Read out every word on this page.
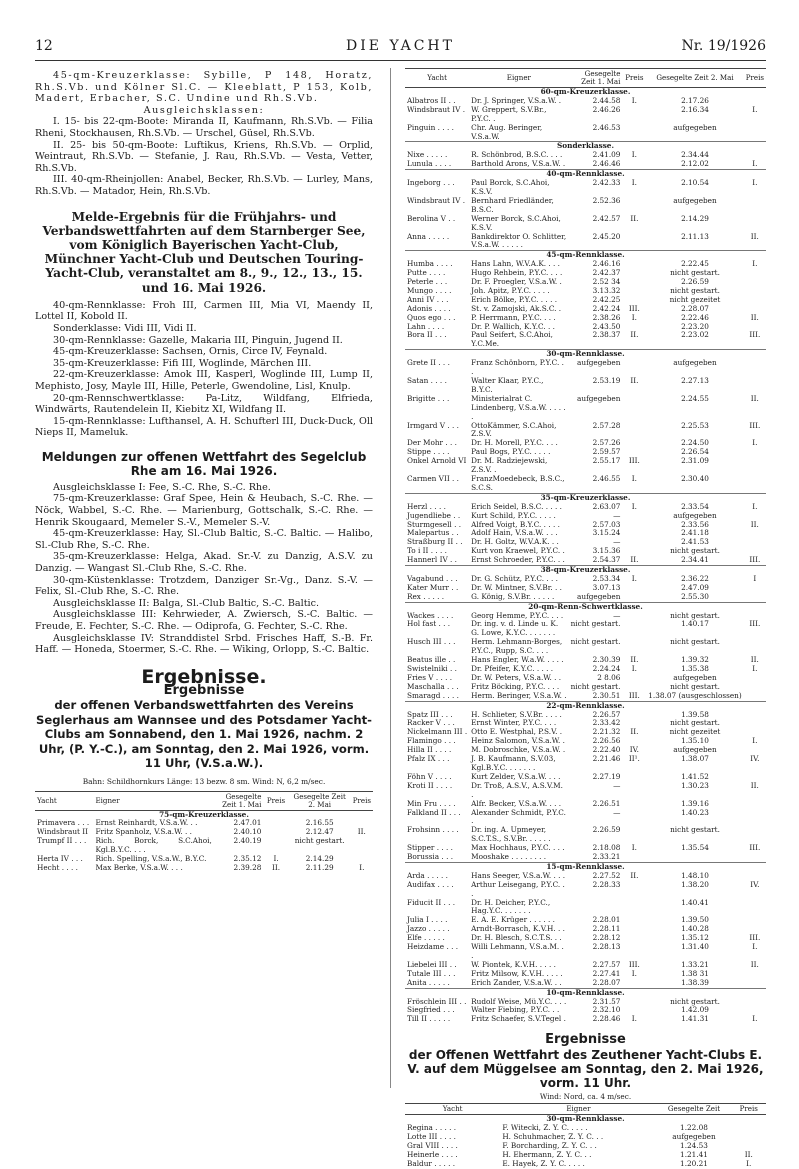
12	DIE YACHT	Nr. 19/1926

45-qm-Kreuzerklasse: Sybille, P 148, Horatz, Rh.S.Vb. und Kölner Sl.C. — Kleeblatt, P 153, Kolb, Madert, Erbacher, S.C. Undine und Rh.S.Vb.

Ausgleichsklassen:

I. 15- bis 22-qm-Boote: Miranda II, Kaufmann, Rh.S.Vb. — Filia Rheni, Stockhausen, Rh.S.Vb. — Urschel, Güsel, Rh.S.Vb.

II. 25- bis 50-qm-Boote: Luftikus, Kriens, Rh.S.Vb. — Orplid, Weintraut, Rh.S.Vb. — Stefanie, J. Rau, Rh.S.Vb. — Vesta, Vetter, Rh.S.Vb.

III. 40-qm-Rheinjollen: Anabel, Becker, Rh.S.Vb. — Lurley, Mans, Rh.S.Vb. — Matador, Hein, Rh.S.Vb.

Melde-Ergebnis für die Frühjahrs- und Verbandswettfahrten auf dem Starnberger See, vom Königlich Bayerischen Yacht-Club, Münchner Yacht-Club und Deutschen Touring-Yacht-Club, veranstaltet am 8., 9., 12., 13., 15. und 16. Mai 1926.

40-qm-Rennklasse: Froh III, Carmen III, Mia VI, Maendy II, Lottel II, Kobold II.

Sonderklasse: Vidi III, Vidi II.

30-qm-Rennklasse: Gazelle, Makaria III, Pinguin, Jugend II.

45-qm-Kreuzerklasse: Sachsen, Ornis, Circe IV, Feynald.

35-qm-Kreuzerklasse: Fifi III, Woglinde, Märchen III.

22-qm-Kreuzerklasse: Amok III, Kasperl, Woglinde III, Lump II, Mephisto, Josy, Mayle III, Hille, Peterle, Gwendoline, Lisl, Knulp.

20-qm-Rennschwertklasse: Pa-Litz, Wildfang, Elfrieda, Windwärts, Rautendelein II, Kiebitz XI, Wildfang II.

15-qm-Rennklasse: Lufthansel, A. H. Schufterl III, Duck-Duck, Oll Nieps II, Mameluk.

Meldungen zur offenen Wettfahrt des Segelclub Rhe am 16. Mai 1926.

Ausgleichsklasse I: Fee, S.-C. Rhe, S.-C. Rhe.

75-qm-Kreuzerklasse: Graf Spee, Hein & Heubach, S.-C. Rhe. — Nöck, Wabbel, S.-C. Rhe. — Marienburg, Gottschalk, S.-C. Rhe. — Henrik Skougaard, Memeler S.-V., Memeler S.-V.

45-qm-Kreuzerklasse: Hay, Sl.-Club Baltic, S.-C. Baltic. — Halibo, Sl.-Club Rhe, S.-C. Rhe.

35-qm-Kreuzerklasse: Helga, Akad. Sr.-V. zu Danzig, A.S.V. zu Danzig. — Wangast Sl.-Club Rhe, S.-C. Rhe.

30-qm-Küstenklasse: Trotzdem, Danziger Sr.-Vg., Danz. S.-V. — Felix, Sl.-Club Rhe, S.-C. Rhe.

Ausgleichsklasse II: Balga, Sl.-Club Baltic, S.-C. Baltic.

Ausgleichsklasse III: Kehrwieder, A. Zwiersch, S.-C. Baltic. — Freude, E. Fechter, S.-C. Rhe. — Odiprofa, G. Fechter, S.-C. Rhe.

Ausgleichsklasse IV: Stranddistel Srbd. Frisches Haff, S.-B. Fr. Haff. — Honeda, Stoermer, S.-C. Rhe. — Wiking, Orlopp, S.-C. Baltic.

Ergebnisse.
Ergebnisse

der offenen Verbandswettfahrten des Vereins Seglerhaus am Wannsee und des Potsdamer Yacht-Clubs am Sonnabend, den 1. Mai 1926, nachm. 2 Uhr, (P. Y.-C.), am Sonntag, den 2. Mai 1926, vorm. 11 Uhr, (V.S.a.W.).

Bahn: Schildhornkurs Länge: 13 bezw. 8 sm. Wind: N, 6,2 m/sec.
Yacht	Eigner	Gesegelte Zeit 1. Mai	Preis	Gesegelte Zeit 2. Mai	Preis
75-qm-Kreuzerklasse.					
Primavera . . .	Ernst Reinhardt, V.S.a.W. . .	2.47.01		2.16.55	
Windsbraut II	Fritz Spanholz, V.S.a.W. . .	2.40.10		2.12.47	II.
Trumpf II . . .	Rich. Borck, S.C.Ahoi, Kgl.B.Y.C. . . .	2.40.19		nicht gestart.	
Herta IV . . .	Rich. Spelling, V.S.a.W., B.Y.C.	2.35.12	I.	2.14.29	
Hecht . . . .	Max Berke, V.S.a.W. . . .	2.39.28	II.	2.11.29	I.
Yacht	Eigner	Gesegelte Zeit 1. Mai	Preis	Gesegelte Zeit 2. Mai	Preis
60-qm-Kreuzerklasse.					
Albatros II . .	Dr. J. Springer, V.S.a.W. .	2.44.58	I.	2.17.26	
Windsbraut IV .	W. Greppert, S.V.Br., P.Y.C. .	2.46.26		2.16.34	I.
Pinguin . . . .	Chr. Aug. Beringer, V.S.a.W.	2.46.53		aufgegeben	
Sonderklasse.					
Nixe . . . . .	R. Schönbrod, B.S.C. . . .	2.41.09	I.	2.34.44	
Lunula . . . .	Barthold Arons, V.S.a.W. .	2.46.46		2.12.02	I.
40-qm-Rennklasse.					
Ingeborg . . .	Paul Borck, S.C.Ahoi, K.S.V.	2.42.33	I.	2.10.54	I.
Windsbraut IV .	Bernhard Friedländer, B.S.C.	2.52.36		aufgegeben	
Berolina V . .	Werner Borck, S.C.Ahoi, K.S.V.	2.42.57	II.	2.14.29	
Anna . . . . .	Bankdirektor O. Schlitter, V.S.a.W. . . . . .	2.45.20		2.11.13	II.
45-qm-Rennklasse.					
Humba . . . .	Hans Lahn, W.V.A.K. . . .	2.46.16		2.22.45	I.
Putte . . . .	Hugo Rehbein, P.Y.C. . . .	2.42.37		nicht gestart.	
Peterle . . .	Dr. F. Proegler, V.S.a.W. .	2.52 34		2.26.59	
Mungo . . . .	Joh. Apitz, P.Y.C. . . . .	3.13.32		nicht gestart.	
Anni IV . . .	Erich Bölke, P.Y.C. . . . .	2.42.25		nicht gezeitet	
Adonis . . . .	St. v. Zamojski, Ak.S.C. .	2.42.24	III.	2.28.07	
Quos ego . . .	P. Herrmann, P.Y.C. . . .	2.38.26	I.	2.22.46	II.
Lahn . . . .	Dr. P. Wallich, K.Y.C. . .	2.43.50		2.23.20	
Bora II . . .	Paul Seifert, S.C.Ahoi, Y.C.Me.	2.38.37	II.	2.23.02	III.
30-qm-Rennklasse.					
Grete II . . .	Franz Schönborn, P.Y.C. . .	aufgegeben		aufgegeben	
Satan . . . .	Walter Klaar, P.Y.C., B.Y.C.	2.53.19	II.	2.27.13	
Brigitte . . .	Ministerialrat C. Lindenberg, V.S.a.W. . . . . .	aufgegeben		2.24.55	II.
Irmgard V . . .	OttoKämmer, S.C.Ahoi, Z.S.V.	2.57.28		2.25.53	III.
Der Mohr . . .	Dr. H. Morell, P.Y.C. . . .	2.57.26		2.24.50	I.
Stippe . . . .	Paul Bogs, P.Y.C. . . . .	2.59.57		2.26.54	
Onkel Arnold VI	Dr. M. Radziejewski, Z.S.V. .	2.55.17	III.	2.31.09	
Carmen VII . .	FranzMoedebeck, B.S.C., S.C.S.	2.46.55	I.	2.30.40	
35-qm-Kreuzerklasse.					
Herzl . . . .	Erich Seidel, B.S.C. . . . .	2.63.07	I.	2.33.54	I.
Jugendliebe . .	Kurt Schild, P.Y.C. . . . .	—		aufgegeben	
Sturmgesell . .	Alfred Voigt, B.Y.C. . . . .	2.57.03		2.33.56	II.
Malepartus . .	Adolf Hain, V.S.a.W. . . .	3.15.24		2.41.18	
Straßburg II . .	Dr. H. Goltz, W.V.A.K. . .	—		2.41.53	
To i II . . . .	Kurt von Kraewel, P.Y.C. .	3.15.36		nicht gestart.	
Hannerl IV . .	Ernst Schroeder, P.Y.C. . .	2.54.37	II.	2.34.41	III.
38-qm-Kreuzerklasse.					
Vagabund . . .	Dr. G. Schütz, P.Y.C. . . .	2.53.34	I.	2.36.22	I
Kater Murr . .	Dr. W. Mintner, S.V.Br. . .	3.07.13		2.47.09	
Rex . . . . .	G. König, S.V.Br. . . . . .	aufgegeben		2.55.30	
20-qm-Renn-Schwertklasse.					
Wackes . . . .	Georg Hemme, P.Y.C. . . .	—		nicht gestart.	
Hol fast . . .	Dr. ing. v. d. Linde u. K. G. Lowe, K.Y.C. . . . . . .	nicht gestart.		1.40.17	III.
Husch III . . .	Herm. Lehmann-Borges, P.Y.C., Rupp, S.C. . . .	nicht gestart.		nicht gestart.	
Beatus ille . .	Hans Engler, W.a.W. . . . .	2.30.39	II.	1.39.32	II.
Swistelniki . .	Dr. Pfeifer, K.Y.C. . . . .	2.24.24	I.	1.35.38	I.
Fries V . . . .	Dr. W. Peters, V.S.a.W. . .	2 8.06		aufgegeben	
Maschalla . . .	Fritz Böcking, P.Y.C. . . .	nicht gestart.		nicht gestart.	
Smaragd . . . .	Herm. Beringer, V.S.a.W. .	2.30.51	III.	1.38.07 (ausgeschlossen)	
22-qm-Rennklasse.					
Spatz III . . .	H. Schlieter, S.V.Br. . . . .	2.26.57		1.39.58	
Racker V . . .	Ernst Winter, P.Y.C. . . .	2.33.42		nicht gestart.	
Nickelmann III .	Otto E. Westphal, P.S.V. .	2.21.32	II.	nicht gezeitet	
Flamingo . . .	Heinz Salomon, V.S.a.W. .	2.26.56		1.35.10	I.
Hilla II . . . .	M. Dobroschke, V.S.a.W. .	2.22.40	IV.	aufgegeben	
Pfalz IX . . .	J. B. Kaufmann, S.V.03, Kgl.B.Y.C. . . . . . .	2.21.46	II¹.	1.38.07	IV.
Föhn V . . . .	Kurt Zelder, V.S.a.W. . . .	2.27.19		1.41.52	
Kroti II . . . .	Dr. Troß, A.S.V., A.S.V.M. .	—		1.30.23	II.
Min Fru . . . .	Alfr. Becker, V.S.a.W. . . .	2.26.51		1.39.16	
Falkland II . . .	Alexander Schmidt, P.Y.C. .	—		1.40.23	
Frohsinn . . . .	Dr. ing. A. Upmeyer, S.C.T.S., S.V.Br. . . . . .	2.26.59		nicht gestart.	
Stipper . . . .	Max Hochhaus, P.Y.C. . . .	2.18.08	I.	1.35.54	III.
Borussia . . .	Mooshake . . . . . . . .	2.33.21			
15-qm-Rennklasse.					
Arda . . . . .	Hans Seeger, V.S.a.W. . . .	2.27.52	II.	1.48.10	
Audifax . . . .	Arthur Leisegang, P.Y.C. . .	2.28.33		1.38.20	IV.
Fiducit II . . .	Dr. H. Deicher, P.Y.C., Hag.Y.C. . . . . . .			1.40.41	
Julia I . . . .	E. A. E. Krüger . . . . . .	2.28.01		1.39.50	
Jazzo . . . . .	Arndt-Borrasch, K.V.H. . .	2.28.11		1.40.28	
Elfe . . . . .	Dr. H. Blesch, S.C.T.S. . .	2.28.12		1.35.12	III.
Heizdame . . .	Willi Lehmann, V.S.a.M. . .	2.28.13		1.31.40	I.
Liebelei III . .	W. Piontek, K.V.H. . . . .	2.27.57	III.	1.33.21	II.
Tutale III . . .	Fritz Milsow, K.V.H. . . . .	2.27.41	I.	1.38 31	
Anita . . . . .	Erich Zander, V.S.a.W. . .	2.28.07		1.38.39	
10-qm-Rennklasse.					
Fröschlein III . .	Rudolf Weise, Mü.Y.C. . . .	2.31.57		nicht gestart.	
Siegfried . . .	Walter Fiebing, P.Y.C. . .	2.32.10		1.42.09	
Till II . . . . .	Fritz Schaefer, S.V.Tegel .	2.28.46	I.	1.41.31	I.
Ergebnisse

der Offenen Wettfahrt des Zeuthener Yacht-Clubs E. V. auf dem Müggelsee am Sonntag, den 2. Mai 1926, vorm. 11 Uhr.

Wind: Nord, ca. 4 m/sec.
Yacht	Eigner	Gesegelte Zeit	Preis
30-qm-Rennklasse.			
Regina . . . . .	F. Witecki, Z. Y. C. . . . .	1.22.08	
Lotte III . . . .	H. Schuhmacher, Z. Y. C. . .	aufgegeben	
Gral VIII . . . .	F. Borcharding, Z. Y. C. . .	1.24.53	
Heinerle . . . .	H. Ehermann, Z. Y. C. . .	1.21.41	II.
Baldur . . . . .	E. Hayek, Z. Y. C. . . . .	1.20.21	I.
